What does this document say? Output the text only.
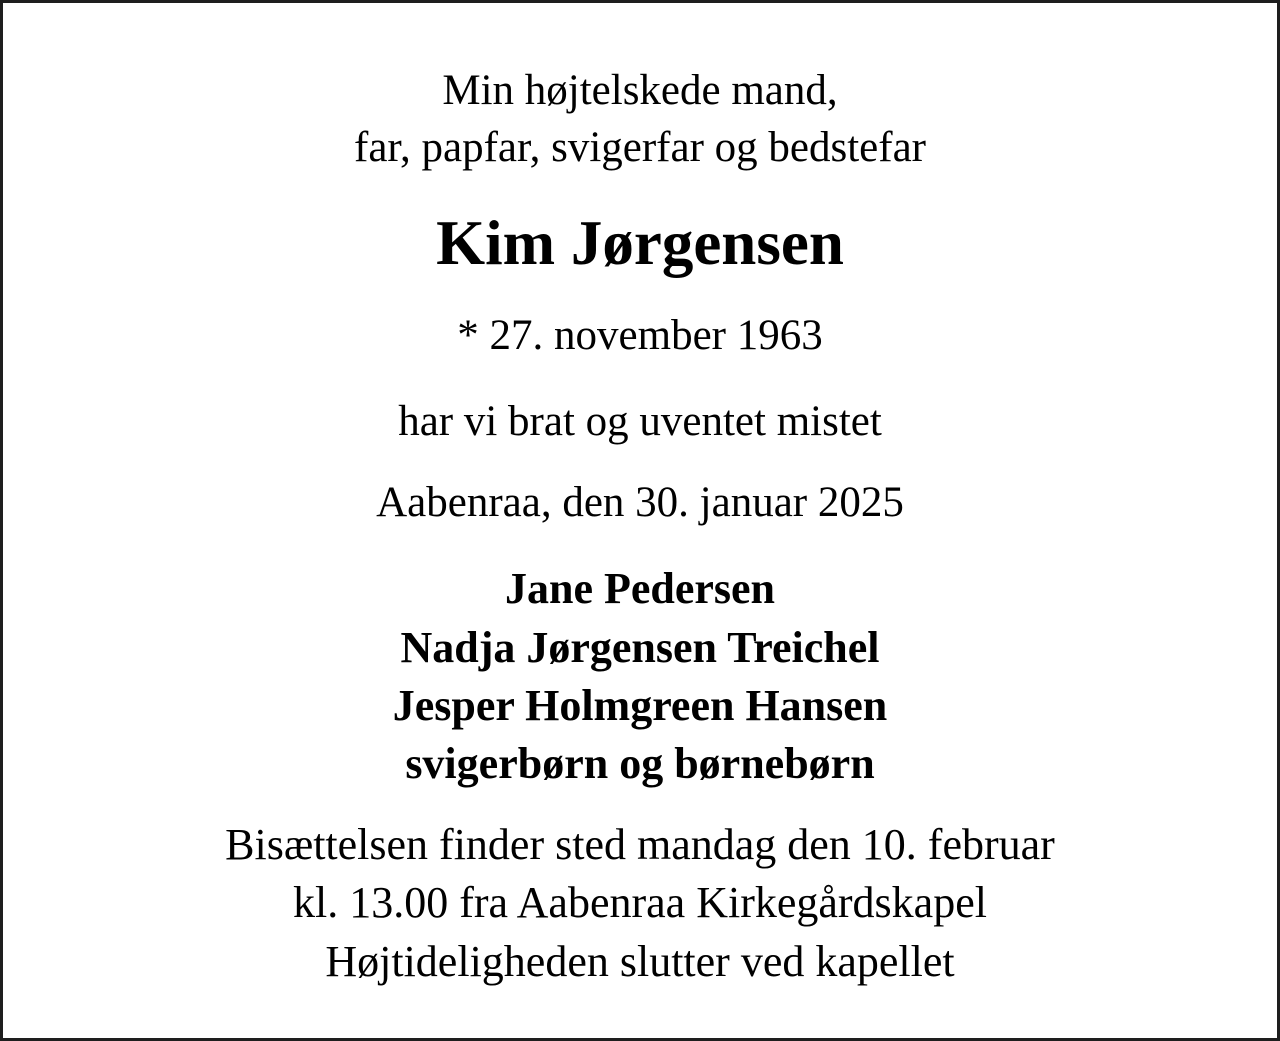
Min højtelskede mand,
far, papfar, svigerfar og bedstefar
Kim Jørgensen
* 27. november 1963
har vi brat og uventet mistet
Aabenraa, den 30. januar 2025
Jane Pedersen
Nadja Jørgensen Treichel
Jesper Holmgreen Hansen
svigerbørn og børnebørn
Bisættelsen finder sted mandag den 10. februar
kl. 13.00 fra Aabenraa Kirkegårdskapel
Højtideligheden slutter ved kapellet
